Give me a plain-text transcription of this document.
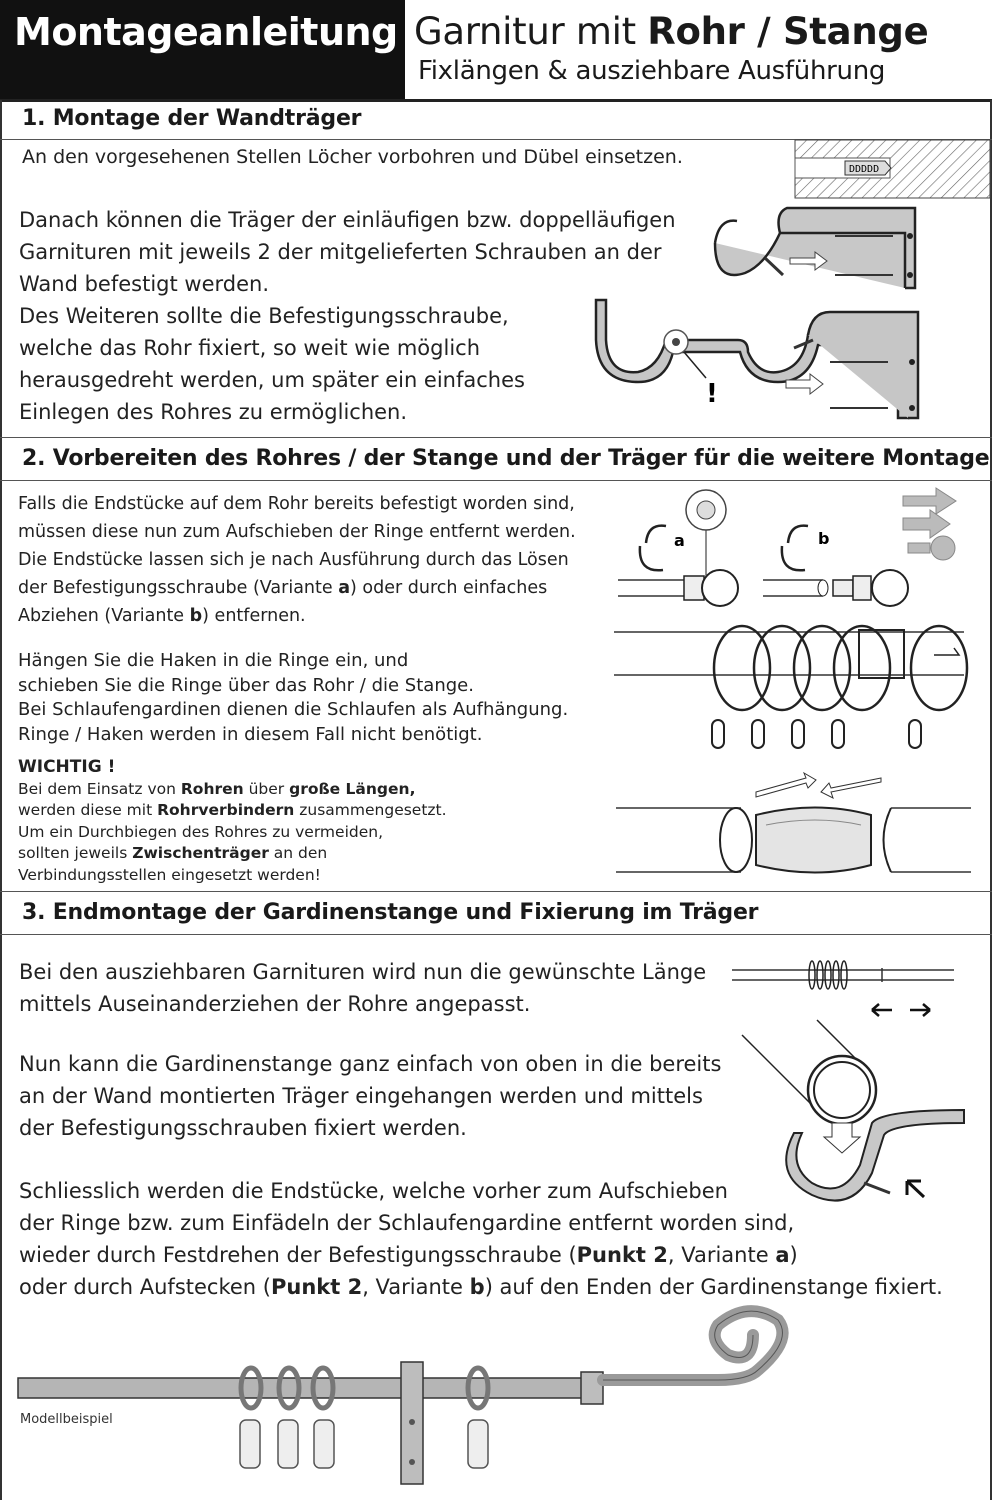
Montageanleitung :
Garnitur mit Rohr / Stange
Fixlängen & ausziehbare Ausführung
1. Montage der Wandträger
An den vorgesehenen Stellen Löcher vorbohren und Dübel einsetzen.
Danach können die Träger der einläufigen bzw. doppelläufigen
Garnituren mit jeweils 2 der mitgelieferten Schrauben an der
Wand befestigt werden.
Des Weiteren sollte die Befestigungsschraube,
welche das Rohr fixiert, so weit wie möglich
herausgedreht werden, um später ein einfaches
Einlegen des Rohres zu ermöglichen.
DDDDD
!
2. Vorbereiten des Rohres / der Stange und der Träger für die weitere Montage
Falls die Endstücke auf dem Rohr bereits befestigt worden sind,
müssen diese nun zum Aufschieben der Ringe entfernt werden.
Die Endstücke lassen sich je nach Ausführung durch das Lösen
der Befestigungsschraube (Variante a) oder durch einfaches
Abziehen (Variante b) entfernen.
Hängen Sie die Haken in die Ringe ein, und
schieben Sie die Ringe über das Rohr / die Stange.
Bei Schlaufengardinen dienen die Schlaufen als Aufhängung.
Ringe / Haken werden in diesem Fall nicht benötigt.
WICHTIG !
Bei dem Einsatz von Rohren über große Längen,
werden diese mit Rohrverbindern zusammengesetzt.
Um ein Durchbiegen des Rohres zu vermeiden,
sollten jeweils Zwischenträger an den
Verbindungsstellen eingesetzt werden!
a	b
3. Endmontage der Gardinenstange und Fixierung im Träger
Bei den ausziehbaren Garnituren wird nun die gewünschte Länge
mittels Auseinanderziehen der Rohre angepasst.
Nun kann die Gardinenstange ganz einfach von oben in die bereits
an der Wand montierten Träger eingehangen werden und mittels
der Befestigungsschrauben fixiert werden.
Schliesslich werden die Endstücke, welche vorher zum Aufschieben
der Ringe bzw. zum Einfädeln der Schlaufengardine entfernt worden sind,
wieder durch Festdrehen der Befestigungsschraube (Punkt 2, Variante a)
oder durch Aufstecken (Punkt 2, Variante b) auf den Enden der Gardinenstange fixiert.
Modellbeispiel
